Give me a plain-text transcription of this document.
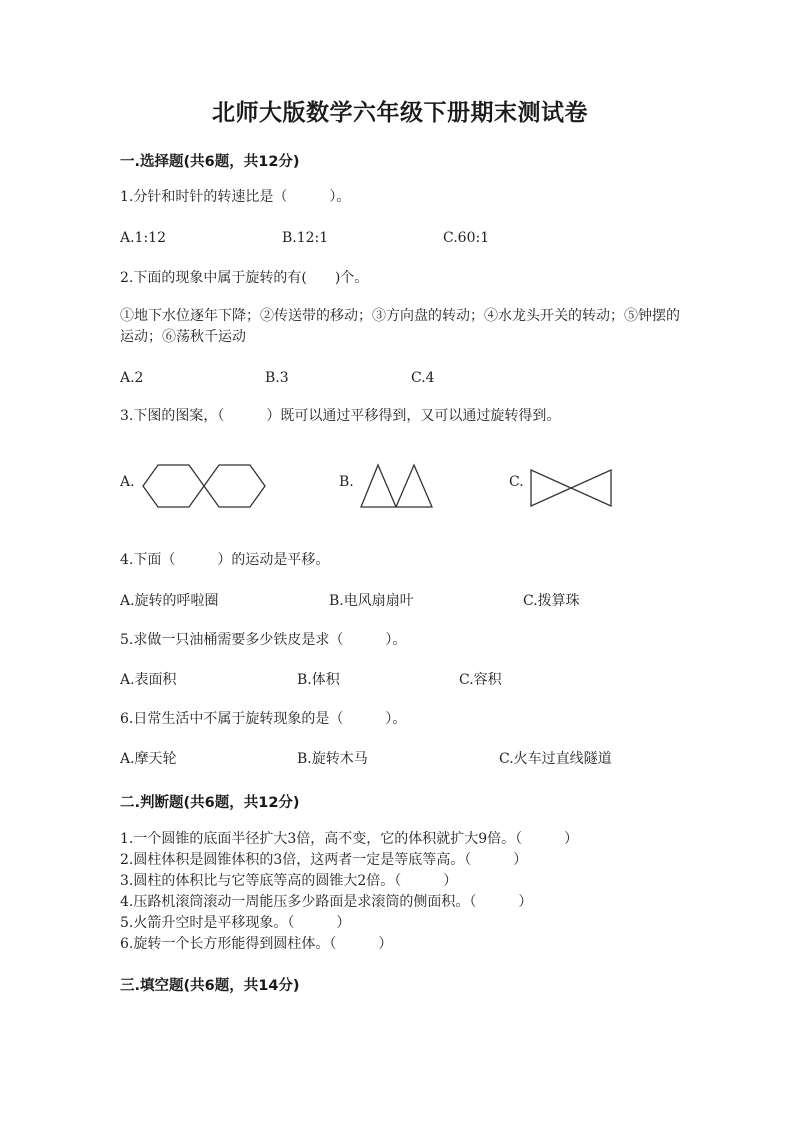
北师大版数学六年级下册期末测试卷
一.选择题(共6题，共12分)
1.分针和时针的转速比是（　　　）。
A.1:12	B.12:1	C.60:1
2.下面的现象中属于旋转的有(　　)个。
①地下水位逐年下降；②传送带的移动；③方向盘的转动；④水龙头开关的转动；⑤钟摆的运动；⑥荡秋千运动
A.2	B.3	C.4
3.下图的图案，（　　　）既可以通过平移得到，又可以通过旋转得到。
A.	B.	C.
4.下面（　　　）的运动是平移。
A.旋转的呼啦圈	B.电风扇扇叶	C.拨算珠
5.求做一只油桶需要多少铁皮是求（　　　）。
A.表面积	B.体积	C.容积
6.日常生活中不属于旋转现象的是（　　　）。
A.摩天轮	B.旋转木马	C.火车过直线隧道
二.判断题(共6题，共12分)
1.一个圆锥的底面半径扩大3倍，高不变，它的体积就扩大9倍。（　　　）
2.圆柱体积是圆锥体积的3倍，这两者一定是等底等高。（　　　）
3.圆柱的体积比与它等底等高的圆锥大2倍。（　　　）
4.压路机滚筒滚动一周能压多少路面是求滚筒的侧面积。（　　　）
5.火箭升空时是平移现象。（　　　）
6.旋转一个长方形能得到圆柱体。（　　　）
三.填空题(共6题，共14分)
